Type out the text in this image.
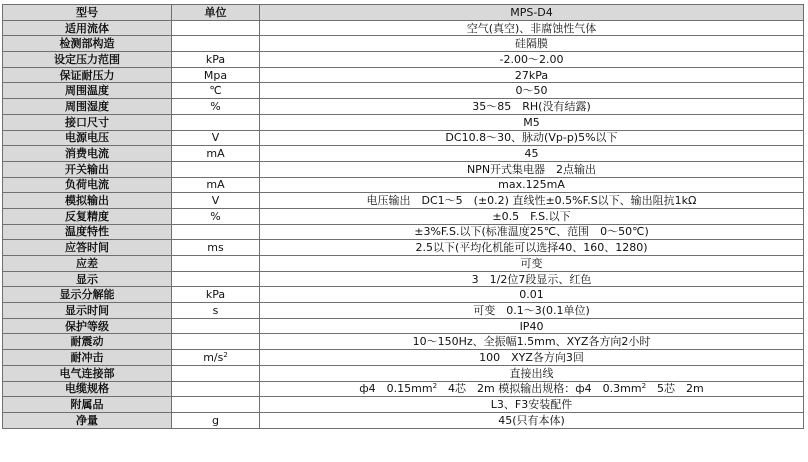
型号	单位	MPS-D4
适用流体		空气(真空)、非腐蚀性气体
检测部构造		硅隔膜
设定压力范围	kPa	-2.00～2.00
保证耐压力	Mpa	27kPa
周围温度	℃	0～50
周围湿度	%	35～85　RH(没有结露)
接口尺寸		M5
电源电压	V	DC10.8～30、脉动(Vp-p)5%以下
消费电流	mA	45
开关输出		NPN开式集电器　2点输出
负荷电流	mA	max.125mA
模拟输出	V	电压输出　DC1～5　(±0.2) 直线性±0.5%F.S以下、输出阻抗1kΩ
反复精度	%	±0.5　F.S.以下
温度特性		±3%F.S.以下(标准温度25℃、范围　0～50℃)
应答时间	ms	2.5以下(平均化机能可以选择40、160、1280)
应差		可变
显示		3　1/2位7段显示、红色
显示分解能	kPa	0.01
显示时间	s	可变　0.1～3(0.1单位)
保护等级		IP40
耐震动		10～150Hz、全振幅1.5mm、XYZ各方向2小时
耐冲击	$m/s^2$	100　XYZ各方向3回
电气连接部		直接出线
电缆规格		ф4　$0.15mm^2$　4芯　2m 模拟输出规格：ф4　$0.3mm^2$　5芯　2m
附属品		L3、F3安装配件
净量	g	45(只有本体)
